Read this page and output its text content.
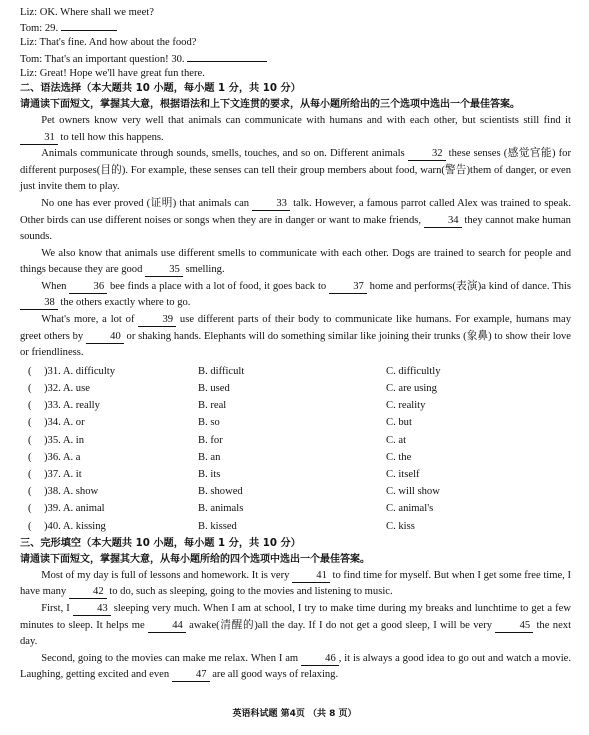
Liz: OK. Where shall we meet?

Tom: 29.

Liz: That's fine. And how about the food?

Tom: That's an important question! 30.

Liz: Great! Hope we'll have great fun there.

二、语法选择（本大题共 10 小题，每小题 1 分，共 10 分）
请通读下面短文，掌握其大意，根据语法和上下文连贯的要求，从每小题所给出的三个选项中选出一个最佳答案。

Pet owners know very well that animals can communicate with humans and with each other, but scientists still find it 31 to tell how this happens.

Animals communicate through sounds, smells, touches, and so on. Different animals 32 these senses (感觉官能) for different purposes(目的). For example, these senses can tell their group members about food, warn(警告)them of danger, or even just invite them to play.

No one has ever proved (证明) that animals can 33 talk. However, a famous parrot called Alex was trained to speak. Other birds can use different noises or songs when they are in danger or want to make friends, 34 they cannot make human sounds.

We also know that animals use different smells to communicate with each other. Dogs are trained to search for people and things because they are good 35 smelling.

When 36 bee finds a place with a lot of food, it goes back to 37 home and performs(表演)a kind of dance. This 38 the others exactly where to go.

What's more, a lot of 39 use different parts of their body to communicate like humans. For example, humans may greet others by 40 or shaking hands. Elephants will do something similar like joining their trunks (象鼻) to show their love or friendliness.

(	)31. A. difficulty	B. difficult	C. difficultly
(	)32. A. use	B. used	C. are using
(	)33. A. really	B. real	C. reality
(	)34. A. or	B. so	C. but
(	)35. A. in	B. for	C. at
(	)36. A. a	B. an	C. the
(	)37. A. it	B. its	C. itself
(	)38. A. show	B. showed	C. will show
(	)39. A. animal	B. animals	C. animal's
(	)40. A. kissing	B. kissed	C. kiss
三、完形填空（本大题共 10 小题，每小题 1 分，共 10 分）
请通读下面短文，掌握其大意，从每小题所给的四个选项中选出一个最佳答案。

Most of my day is full of lessons and homework. It is very 41 to find time for myself. But when I get some free time, I have many 42 to do, such as sleeping, going to the movies and listening to music.

First, I 43 sleeping very much. When I am at school, I try to make time during my breaks and lunchtime to get a few minutes to sleep. It helps me 44 awake(清醒的)all the day. If I do not get a good sleep, I will be very 45 the next day.

Second, going to the movies can make me relax. When I am 46 , it is always a good idea to go out and watch a movie. Laughing, getting excited and even 47 are all good ways of relaxing.

英语科试题 第4页 （共 8 页）
